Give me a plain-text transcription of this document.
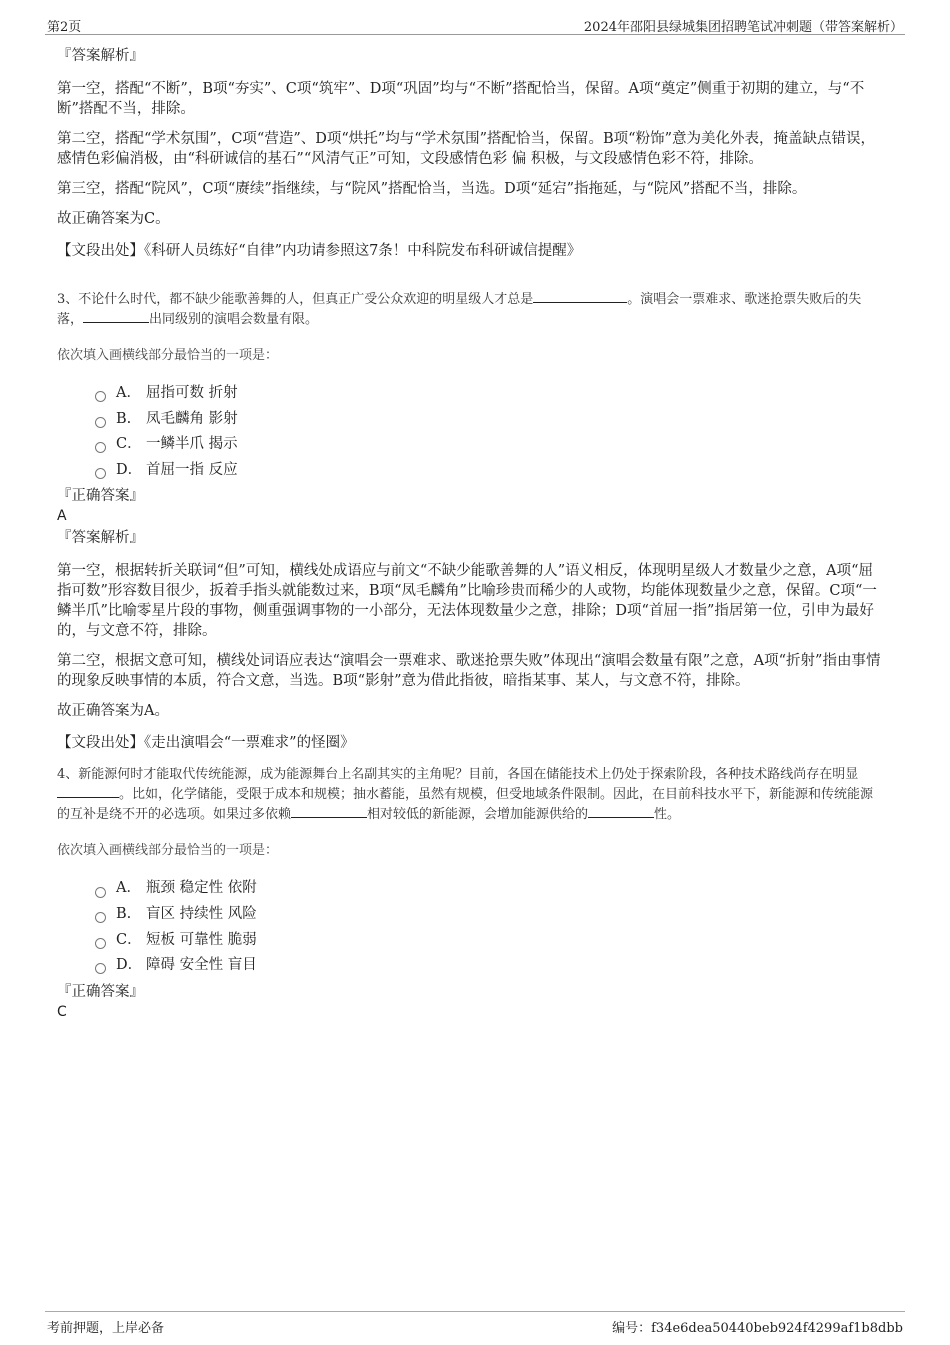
第2页	2024年邵阳县绿城集团招聘笔试冲刺题（带答案解析）

『答案解析』

第一空，搭配“不断”，B项“夯实”、C项“筑牢”、D项“巩固”均与“不断”搭配恰当，保留。A项“奠定”侧重于初期的建立，与“不断”搭配不当，排除。

第二空，搭配“学术氛围”，C项“营造”、D项“烘托”均与“学术氛围”搭配恰当，保留。B项“粉饰”意为美化外表，掩盖缺点错误，感情色彩偏消极，由“科研诚信的基石”“风清气正”可知，文段感情色彩 偏 积极，与文段感情色彩不符，排除。

第三空，搭配“院风”，C项“赓续”指继续，与“院风”搭配恰当，当选。D项“延宕”指拖延，与“院风”搭配不当，排除。

故正确答案为C。

【文段出处】《科研人员练好“自律”内功请参照这7条！中科院发布科研诚信提醒》

3、不论什么时代，都不缺少能歌善舞的人，但真正广受公众欢迎的明星级人才总是	。演唱会一票难求、歌迷抢票失败后的失落，	出同级别的演唱会数量有限。

依次填入画横线部分最恰当的一项是：

A． 屈指可数 折射
B.	凤毛麟角 影射
C． 一鳞半爪 揭示
D． 首屈一指 反应

『正确答案』

A

『答案解析』

第一空，根据转折关联词“但”可知，横线处成语应与前文“不缺少能歌善舞的人”语义相反，体现明星级人才数量少之意，A项“屈指可数”形容数目很少，扳着手指头就能数过来，B项“凤毛麟角”比喻珍贵而稀少的人或物，均能体现数量少之意，保留。C项“一鳞半爪”比喻零星片段的事物，侧重强调事物的一小部分，无法体现数量少之意，排除；D项“首屈一指”指居第一位，引申为最好的，与文意不符，排除。

第二空，根据文意可知，横线处词语应表达“演唱会一票难求、歌迷抢票失败”体现出“演唱会数量有限”之意，A项“折射”指由事情的现象反映事情的本质，符合文意，当选。B项“影射”意为借此指彼，暗指某事、某人，与文意不符，排除。

故正确答案为A。

【文段出处】《走出演唱会“一票难求”的怪圈》

4、新能源何时才能取代传统能源，成为能源舞台上名副其实的主角呢？目前，各国在储能技术上仍处于探索阶段，各种技术路线尚存在明显。比如，化学储能，受限于成本和规模；抽水蓄能，虽然有规模，但受地域条件限制。因此，在目前科技水平下，新能源和传统能源的互补是绕不开的必选项。如果过多依赖	相对较低的新能源，会增加能源供给的	性。

依次填入画横线部分最恰当的一项是：

A． 瓶颈 稳定性 依附
B.	盲区 持续性 风险
C． 短板 可靠性 脆弱
D． 障碍 安全性 盲目

『正确答案』

C

考前押题，上岸必备	编号：f34e6dea50440beb924f4299af1b8dbb
